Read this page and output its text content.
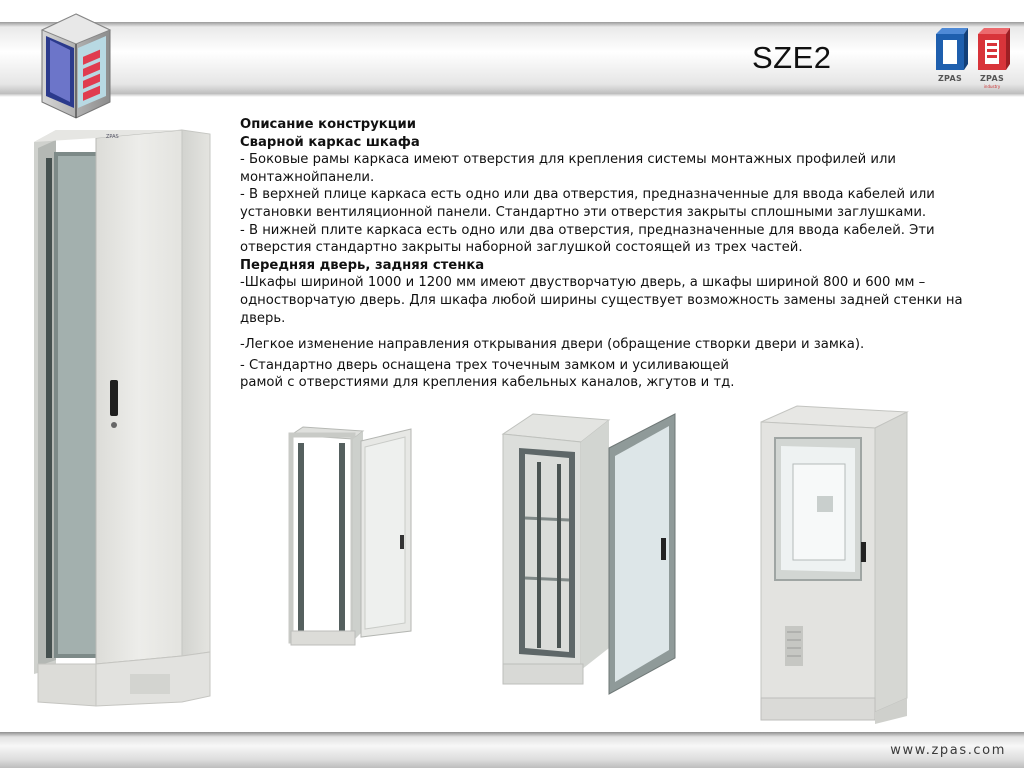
SZE2
ZPAS	ZPAS
industry
ZPAS

Описание конструкции

Сварной каркас шкафа

- Боковые рамы каркаса имеют отверстия для крепления системы монтажных профилей или монтажнойпанели.

- В верхней плице каркаса есть одно или два отверстия, предназначенные для ввода кабелей или установки вентиляционной панели. Стандартно эти отверстия закрыты сплошными заглушками.

- В нижней плите каркаса есть одно или два отверстия, предназначенные для ввода кабелей. Эти отверстия стандартно закрыты наборной заглушкой состоящей из трех частей.

Передняя дверь, задняя стенка

-Шкафы шириной 1000 и 1200 мм имеют двустворчатую дверь, а шкафы шириной 800 и 600 мм – одностворчатую дверь. Для шкафа любой ширины существует возможность замены задней стенки на дверь.

-Легкое изменение направления открывания двери (обращение створки двери и замка).

- Стандартно дверь оснащена трех точечным замком и усиливающей

рамой с отверстиями для крепления кабельных каналов, жгутов и тд.

www.zpas.com
